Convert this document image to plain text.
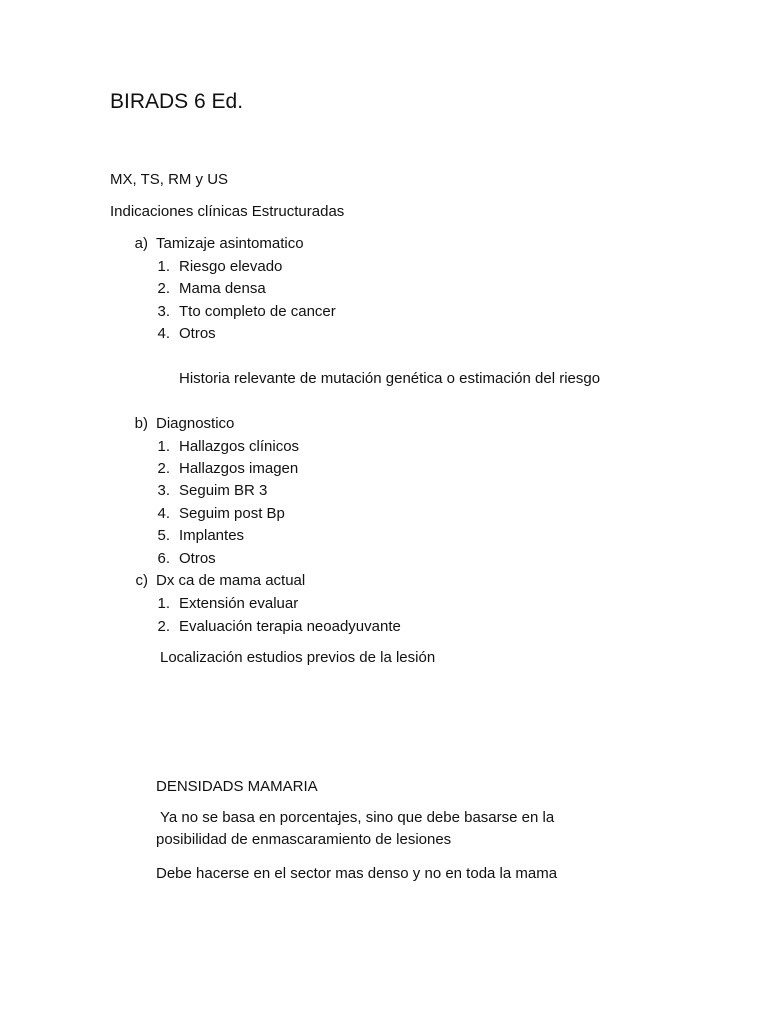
BIRADS 6 Ed.
MX, TS, RM y US
Indicaciones clínicas Estructuradas
a) Tamizaje asintomatico
1. Riesgo elevado
2. Mama densa
3. Tto completo de cancer
4. Otros
Historia relevante de mutación genética o estimación del riesgo
b) Diagnostico
1. Hallazgos clínicos
2. Hallazgos imagen
3. Seguim BR 3
4. Seguim post Bp
5. Implantes
6. Otros
c) Dx ca de mama actual
1. Extensión evaluar
2. Evaluación terapia neoadyuvante
Localización estudios previos de la lesión
DENSIDADS MAMARIA
Ya no se basa en porcentajes, sino que debe basarse en la posibilidad de enmascaramiento de lesiones
Debe hacerse en el sector mas denso y no en toda la mama
